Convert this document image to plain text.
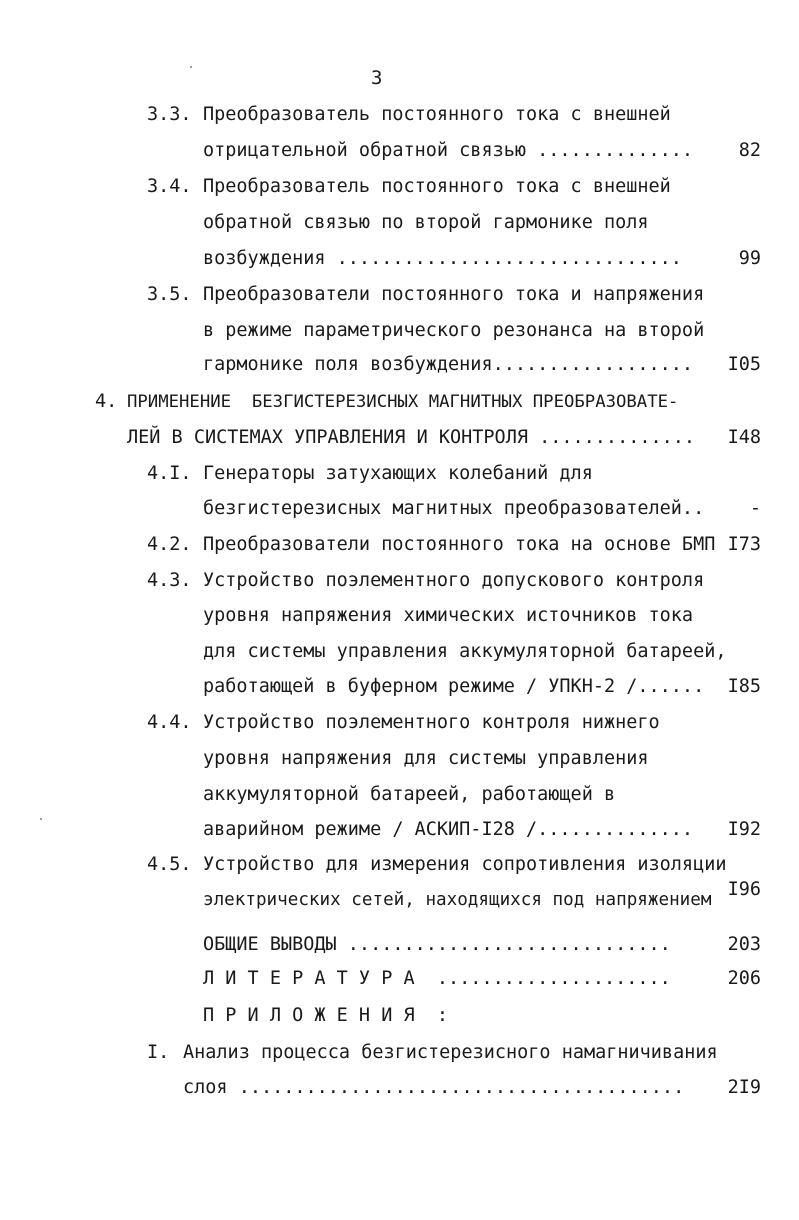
3
3.3. Преобразователь постоянного тока с внешней
отрицательной обратной связью .............. 82
3.4. Преобразователь постоянного тока с внешней
обратной связью по второй гармонике поля
возбуждения ...............................	99
3.5. Преобразователи постоянного тока и напряжения
в режиме параметрического резонанса на второй
гармонике поля возбуждения.................. I05
4. ПРИМЕНЕНИЕ  БЕЗГИСТЕРЕЗИСНЫХ МАГНИТНЫХ ПРЕОБРАЗОВАТЕ-
ЛЕЙ В СИСТЕМАХ УПРАВЛЕНИЯ И КОНТРОЛЯ .............. I48
4.I. Генераторы затухающих колебаний для
безгистерезисных магнитных преобразователей.. -
4.2. Преобразователи постоянного тока на основе БМП I73
4.3. Устройство поэлементного допускового контроля
уровня напряжения химических источников тока
для системы управления аккумуляторной батареей,
работающей в буферном режиме / УПКН-2 /...... I85
4.4. Устройство поэлементного контроля нижнего
уровня напряжения для системы управления
аккумуляторной батареей, работающей в
аварийном режиме / АСКИП-I28 /.............. I92
4.5. Устройство для измерения сопротивления изоляции
электрических сетей, находящихся под напряжением I96
ОБЩИЕ ВЫВОДЫ .............................	203
Л И Т Е Р А Т У Р А  .....................	206
П Р И Л О Ж Е Н И Я  :
I. Анализ процесса безгистерезисного намагничивания
слоя ........................................ 2I9
